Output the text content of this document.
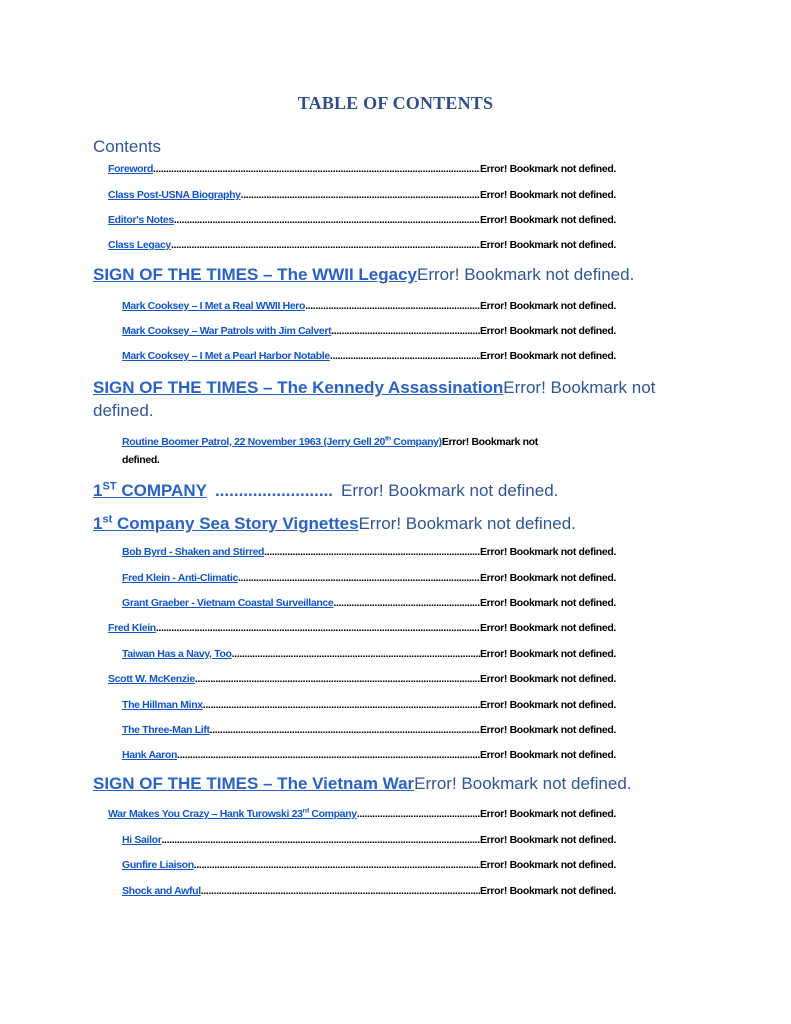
TABLE OF CONTENTS
Contents
Foreword .....	Error! Bookmark not defined.
Class Post-USNA Biography .....	Error! Bookmark not defined.
Editor's Notes .....	Error! Bookmark not defined.
Class Legacy .....	Error! Bookmark not defined.
SIGN OF THE TIMES – The WWII Legacy Error! Bookmark not defined.
Mark Cooksey – I Met a Real WWII Hero .....	Error! Bookmark not defined.
Mark Cooksey – War Patrols with Jim Calvert .....	Error! Bookmark not defined.
Mark Cooksey – I Met a Pearl Harbor Notable .....	Error! Bookmark not defined.
SIGN OF THE TIMES – The Kennedy AssassinationError! Bookmark not
defined.
Routine Boomer Patrol, 22 November 1963 (Jerry Gell 20th Company)Error! Bookmark not
defined.
1ST COMPANY ......................... Error! Bookmark not defined.
1st Company Sea Story Vignettes Error! Bookmark not defined.
Bob Byrd - Shaken and Stirred .....	Error! Bookmark not defined.
Fred Klein - Anti-Climatic .....	Error! Bookmark not defined.
Grant Graeber - Vietnam Coastal Surveillance .....	Error! Bookmark not defined.
Fred Klein .....	Error! Bookmark not defined.
Taiwan Has a Navy, Too .....	Error! Bookmark not defined.
Scott W. McKenzie .....	Error! Bookmark not defined.
The Hillman Minx .....	Error! Bookmark not defined.
The Three-Man Lift .....	Error! Bookmark not defined.
Hank Aaron .....	Error! Bookmark not defined.
SIGN OF THE TIMES – The Vietnam War Error! Bookmark not defined.
War Makes You Crazy – Hank Turowski 23rd Company .....	Error! Bookmark not defined.
Hi Sailor .....	Error! Bookmark not defined.
Gunfire Liaison .....	Error! Bookmark not defined.
Shock and Awful .....	Error! Bookmark not defined.
